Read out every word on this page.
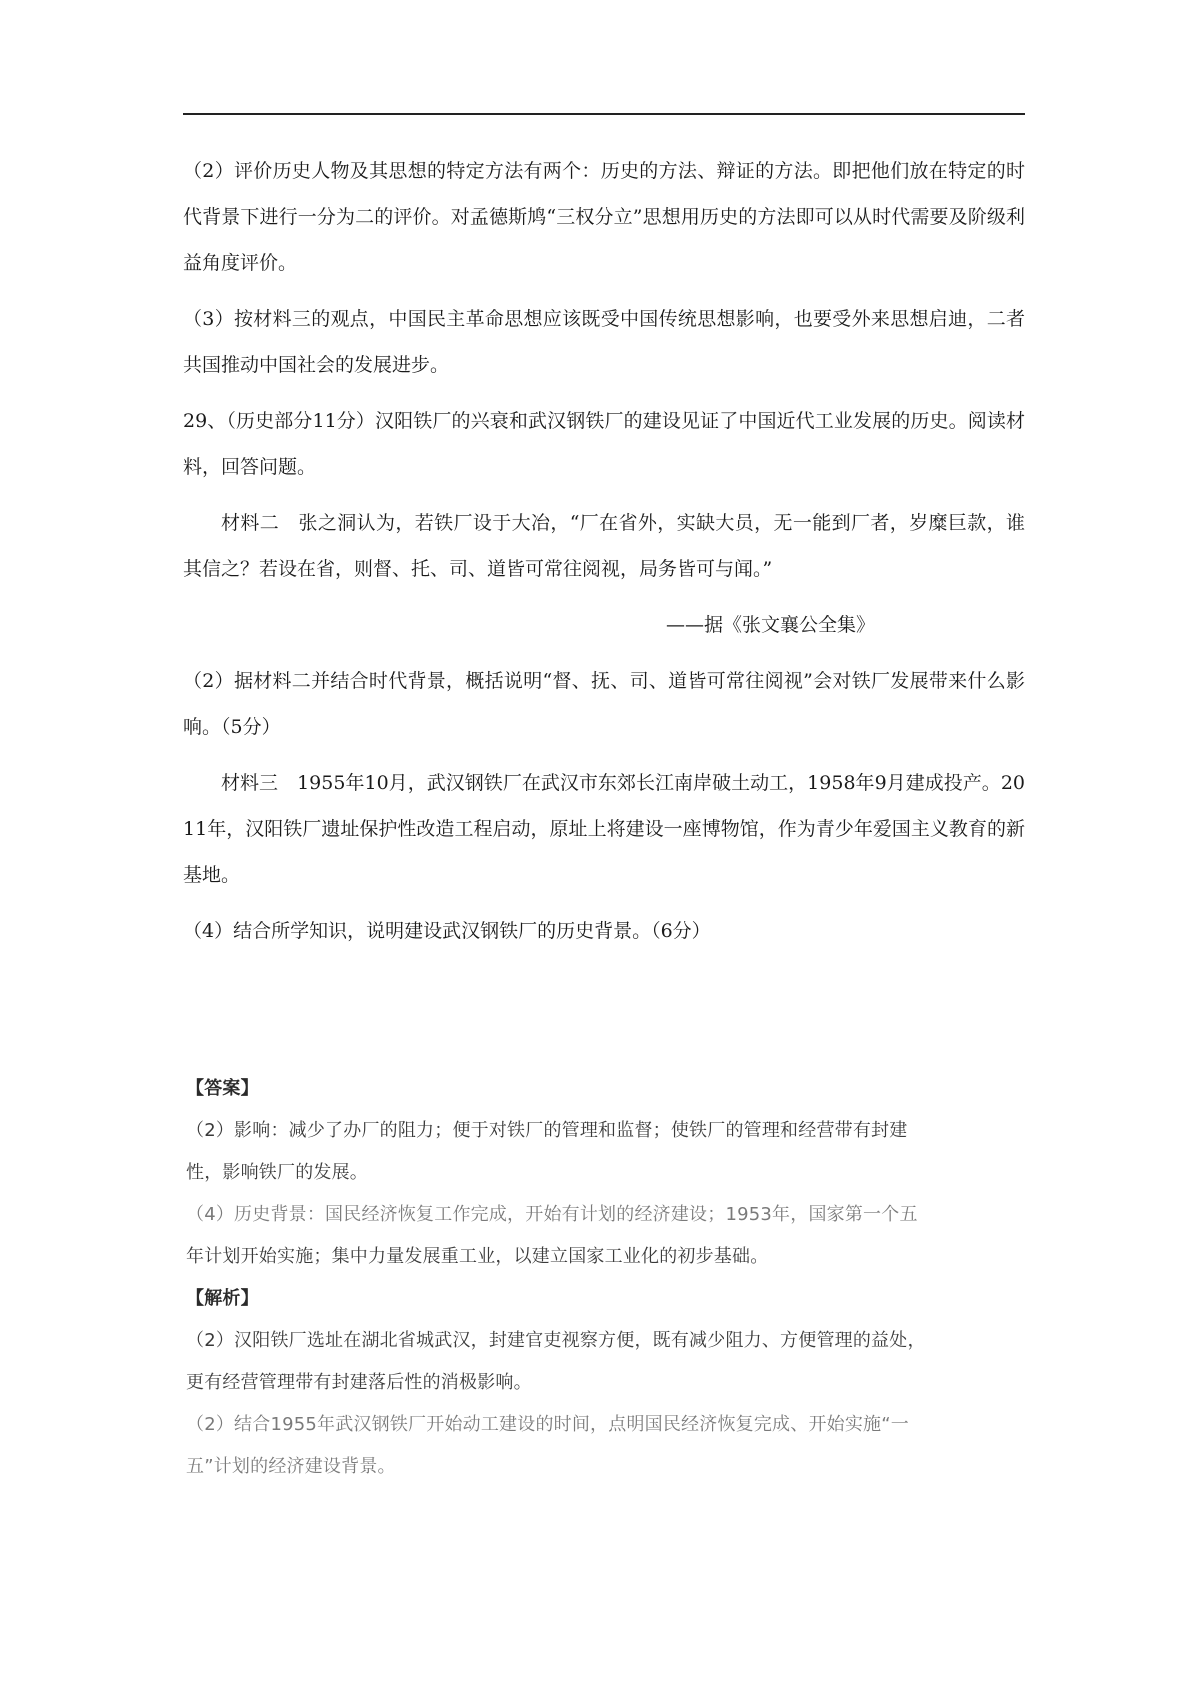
（2）评价历史人物及其思想的特定方法有两个：历史的方法、辩证的方法。即把他们放在特定的时代背景下进行一分为二的评价。对孟德斯鸠“三权分立”思想用历史的方法即可以从时代需要及阶级利益角度评价。

（3）按材料三的观点，中国民主革命思想应该既受中国传统思想影响，也要受外来思想启迪，二者共国推动中国社会的发展进步。

29、（历史部分11分）汉阳铁厂的兴衰和武汉钢铁厂的建设见证了中国近代工业发展的历史。阅读材料，回答问题。

材料二　张之洞认为，若铁厂设于大冶，“厂在省外，实缺大员，无一能到厂者，岁糜巨款，谁其信之？若设在省，则督、托、司、道皆可常往阅视，局务皆可与闻。”

——据《张文襄公全集》

（2）据材料二并结合时代背景，概括说明“督、抚、司、道皆可常往阅视”会对铁厂发展带来什么影响。（5分）

材料三　1955年10月，武汉钢铁厂在武汉市东郊长江南岸破土动工，1958年9月建成投产。2011年，汉阳铁厂遗址保护性改造工程启动，原址上将建设一座博物馆，作为青少年爱国主义教育的新基地。

（4）结合所学知识，说明建设武汉钢铁厂的历史背景。（6分）

【答案】

（2）影响：减少了办厂的阻力；便于对铁厂的管理和监督；使铁厂的管理和经营带有封建

性，影响铁厂的发展。

（4）历史背景：国民经济恢复工作完成，开始有计划的经济建设；1953年，国家第一个五

年计划开始实施；集中力量发展重工业，以建立国家工业化的初步基础。

【解析】

（2）汉阳铁厂选址在湖北省城武汉，封建官吏视察方便，既有减少阻力、方便管理的益处，

更有经营管理带有封建落后性的消极影响。

（2）结合1955年武汉钢铁厂开始动工建设的时间，点明国民经济恢复完成、开始实施“一

五”计划的经济建设背景。
